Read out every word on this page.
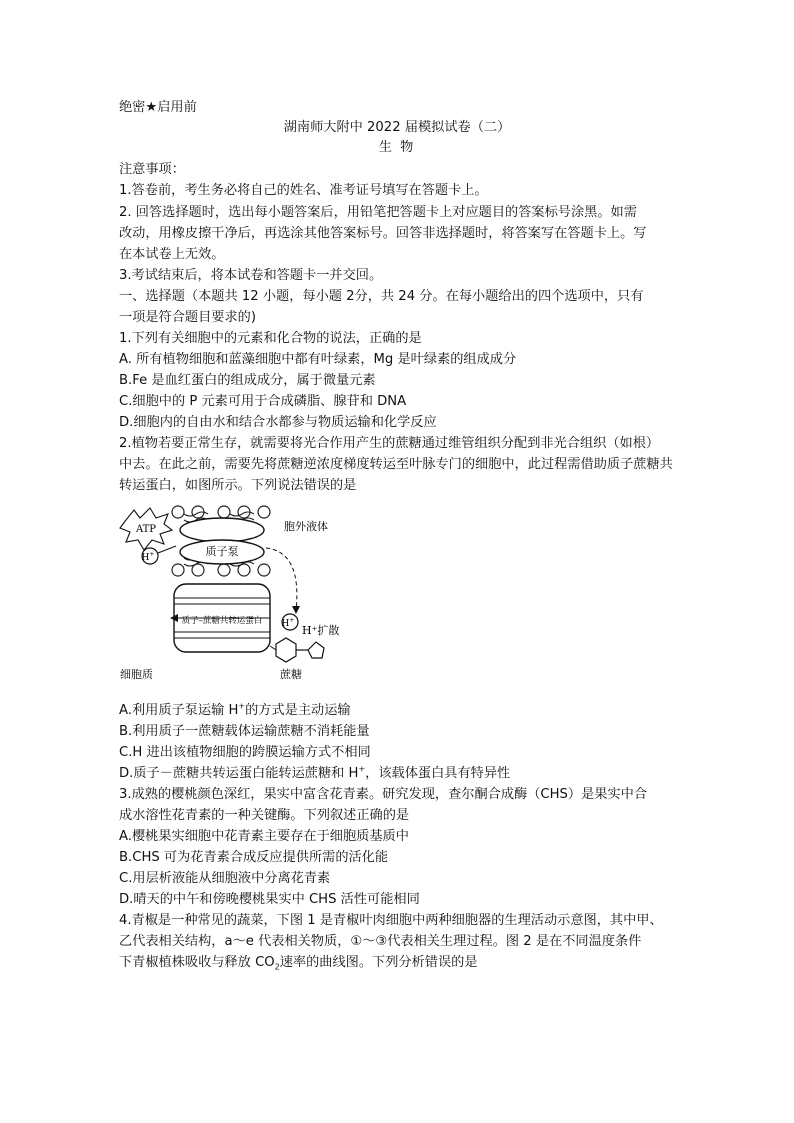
绝密★启用前
湖南师大附中 2022 届模拟试卷（二）
生 物
注意事项：
1.答卷前，考生务必将自己的姓名、准考证号填写在答题卡上。
2. 回答选择题时，选出每小题答案后，用铅笔把答题卡上对应题目的答案标号涂黑。如需
改动，用橡皮擦干净后，再选涂其他答案标号。回答非选择题时，将答案写在答题卡上。写
在本试卷上无效。
3.考试结束后，将本试卷和答题卡一并交回。
一、选择题（本题共 12 小题，每小题 2分，共 24 分。在每小题给出的四个选项中，只有
一项是符合题目要求的)
1.下列有关细胞中的元素和化合物的说法，正确的是
A. 所有植物细胞和蓝藻细胞中都有叶绿素，Mg 是叶绿素的组成成分
B.Fe 是血红蛋白的组成成分，属于微量元素
C.细胞中的 P 元素可用于合成磷脂、腺苷和 DNA
D.细胞内的自由水和结合水都参与物质运输和化学反应
2.植物若要正常生存，就需要将光合作用产生的蔗糖通过维管组织分配到非光合组织（如根）
中去。在此之前，需要先将蔗糖逆浓度梯度转运至叶脉专门的细胞中，此过程需借助质子蔗糖共
转运蛋白，如图所示。下列说法错误的是
质子泵
ATP
H+
胞外液体
质子–蔗糖共转运蛋白 H+
H⁺扩散
蔗糖
细胞质
A.利用质子泵运输 H+的方式是主动运输
B.利用质子一蔗糖载体运输蔗糖不消耗能量
C.H 进出该植物细胞的跨膜运输方式不相同
D.质子－蔗糖共转运蛋白能转运蔗糖和 H+，该载体蛋白具有特异性
3.成熟的樱桃颜色深红，果实中富含花青素。研究发现，查尔酮合成酶（CHS）是果实中合
成水溶性花青素的一种关键酶。下列叙述正确的是
A.樱桃果实细胞中花青素主要存在于细胞质基质中
B.CHS 可为花青素合成反应提供所需的活化能
C.用层析液能从细胞液中分离花青素
D.晴天的中午和傍晚樱桃果实中 CHS 活性可能相同
4.青椒是一种常见的蔬菜，下图 1 是青椒叶肉细胞中两种细胞器的生理活动示意图，其中甲、
乙代表相关结构，a～e 代表相关物质，①～③代表相关生理过程。图 2 是在不同温度条件
下青椒植株吸收与释放 $CO_2$速率的曲线图。下列分析错误的是
